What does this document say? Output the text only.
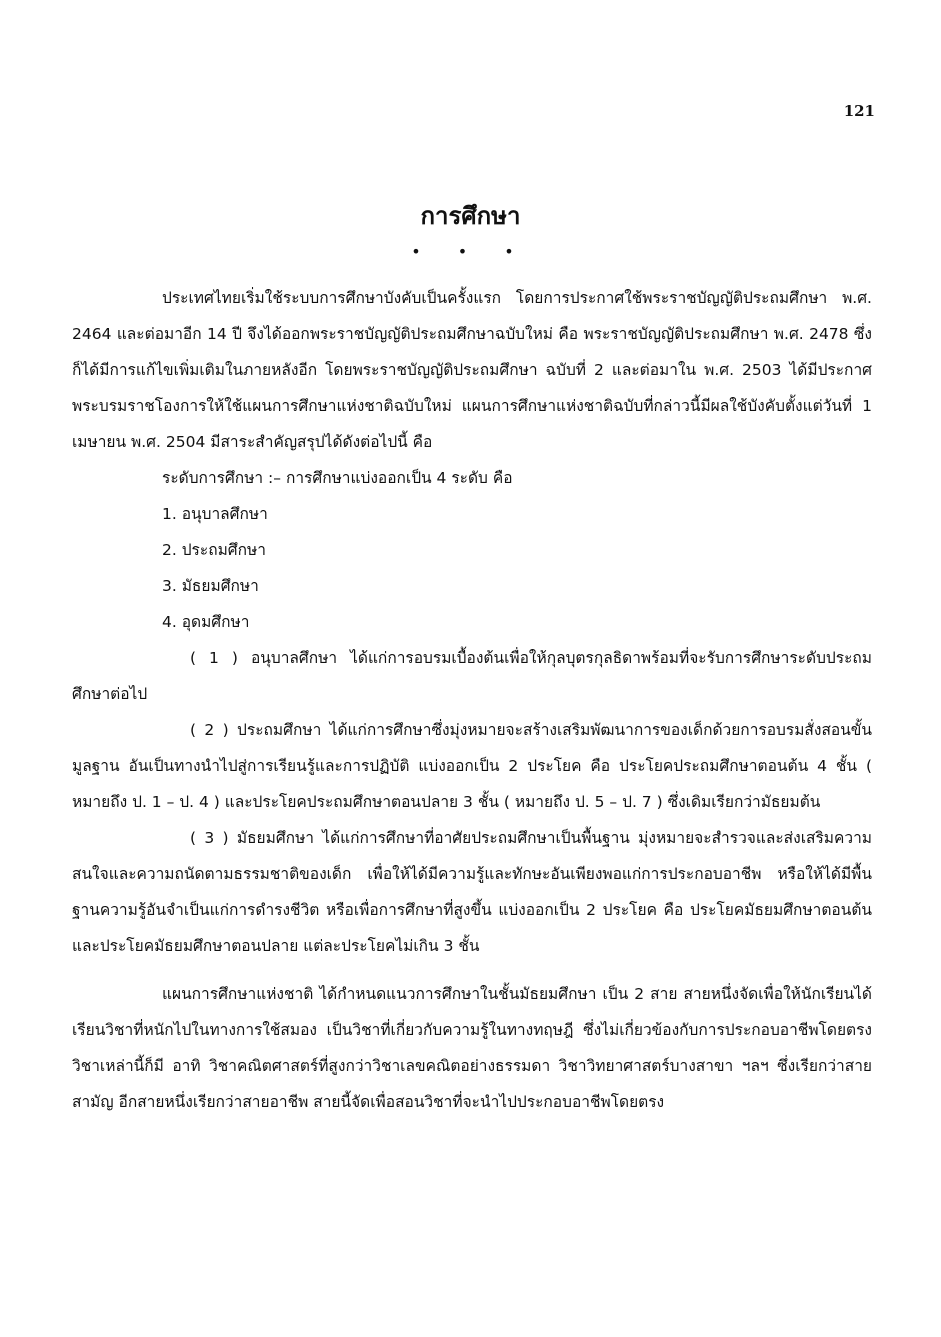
121
การศึกษา
• • •

ประเทศไทยเริ่มใช้ระบบการศึกษาบังคับเป็นครั้งแรก โดยการประกาศใช้พระราชบัญญัติประถมศึกษา พ.ศ. 2464 และต่อมาอีก 14 ปี จึงได้ออกพระราชบัญญัติประถมศึกษาฉบับใหม่ คือ พระราชบัญญัติประถมศึกษา พ.ศ. 2478 ซึ่งก็ได้มีการแก้ไขเพิ่มเติมในภายหลังอีก โดยพระราชบัญญัติประถมศึกษา ฉบับที่ 2 และต่อมาใน พ.ศ. 2503 ได้มีประกาศพระบรมราชโองการให้ใช้แผนการศึกษาแห่งชาติฉบับใหม่ แผนการศึกษาแห่งชาติฉบับที่กล่าวนี้มีผลใช้บังคับตั้งแต่วันที่ 1 เมษายน พ.ศ. 2504 มีสาระสำคัญสรุปได้ดังต่อไปนี้ คือ

ระดับการศึกษา :– การศึกษาแบ่งออกเป็น 4 ระดับ คือ

1. อนุบาลศึกษา

2. ประถมศึกษา

3. มัธยมศึกษา

4. อุดมศึกษา

( 1 ) อนุบาลศึกษา ได้แก่การอบรมเบื้องต้นเพื่อให้กุลบุตรกุลธิดาพร้อมที่จะรับการศึกษาระดับประถมศึกษาต่อไป

( 2 ) ประถมศึกษา ได้แก่การศึกษาซึ่งมุ่งหมายจะสร้างเสริมพัฒนาการของเด็กด้วยการอบรมสั่งสอนขั้นมูลฐาน อันเป็นทางนำไปสู่การเรียนรู้และการปฏิบัติ แบ่งออกเป็น 2 ประโยค คือ ประโยคประถมศึกษาตอนต้น 4 ชั้น ( หมายถึง ป. 1 – ป. 4 ) และประโยคประถมศึกษาตอนปลาย 3 ชั้น ( หมายถึง ป. 5 – ป. 7 ) ซึ่งเดิมเรียกว่ามัธยมต้น

( 3 ) มัธยมศึกษา ได้แก่การศึกษาที่อาศัยประถมศึกษาเป็นพื้นฐาน มุ่งหมายจะสำรวจและส่งเสริมความสนใจและความถนัดตามธรรมชาติของเด็ก เพื่อให้ได้มีความรู้และทักษะอันเพียงพอแก่การประกอบอาชีพ หรือให้ได้มีพื้นฐานความรู้อันจำเป็นแก่การดำรงชีวิต หรือเพื่อการศึกษาที่สูงขึ้น แบ่งออกเป็น 2 ประโยค คือ ประโยคมัธยมศึกษาตอนต้น และประโยคมัธยมศึกษาตอนปลาย แต่ละประโยคไม่เกิน 3 ชั้น

แผนการศึกษาแห่งชาติ ได้กำหนดแนวการศึกษาในชั้นมัธยมศึกษา เป็น 2 สาย สายหนึ่งจัดเพื่อให้นักเรียนได้เรียนวิชาที่หนักไปในทางการใช้สมอง เป็นวิชาที่เกี่ยวกับความรู้ในทางทฤษฎี ซึ่งไม่เกี่ยวข้องกับการประกอบอาชีพโดยตรง วิชาเหล่านี้ก็มี อาทิ วิชาคณิตศาสตร์ที่สูงกว่าวิชาเลขคณิตอย่างธรรมดา วิชาวิทยาศาสตร์บางสาขา ฯลฯ ซึ่งเรียกว่าสายสามัญ อีกสายหนึ่งเรียกว่าสายอาชีพ สายนี้จัดเพื่อสอนวิชาที่จะนำไปประกอบอาชีพโดยตรง
